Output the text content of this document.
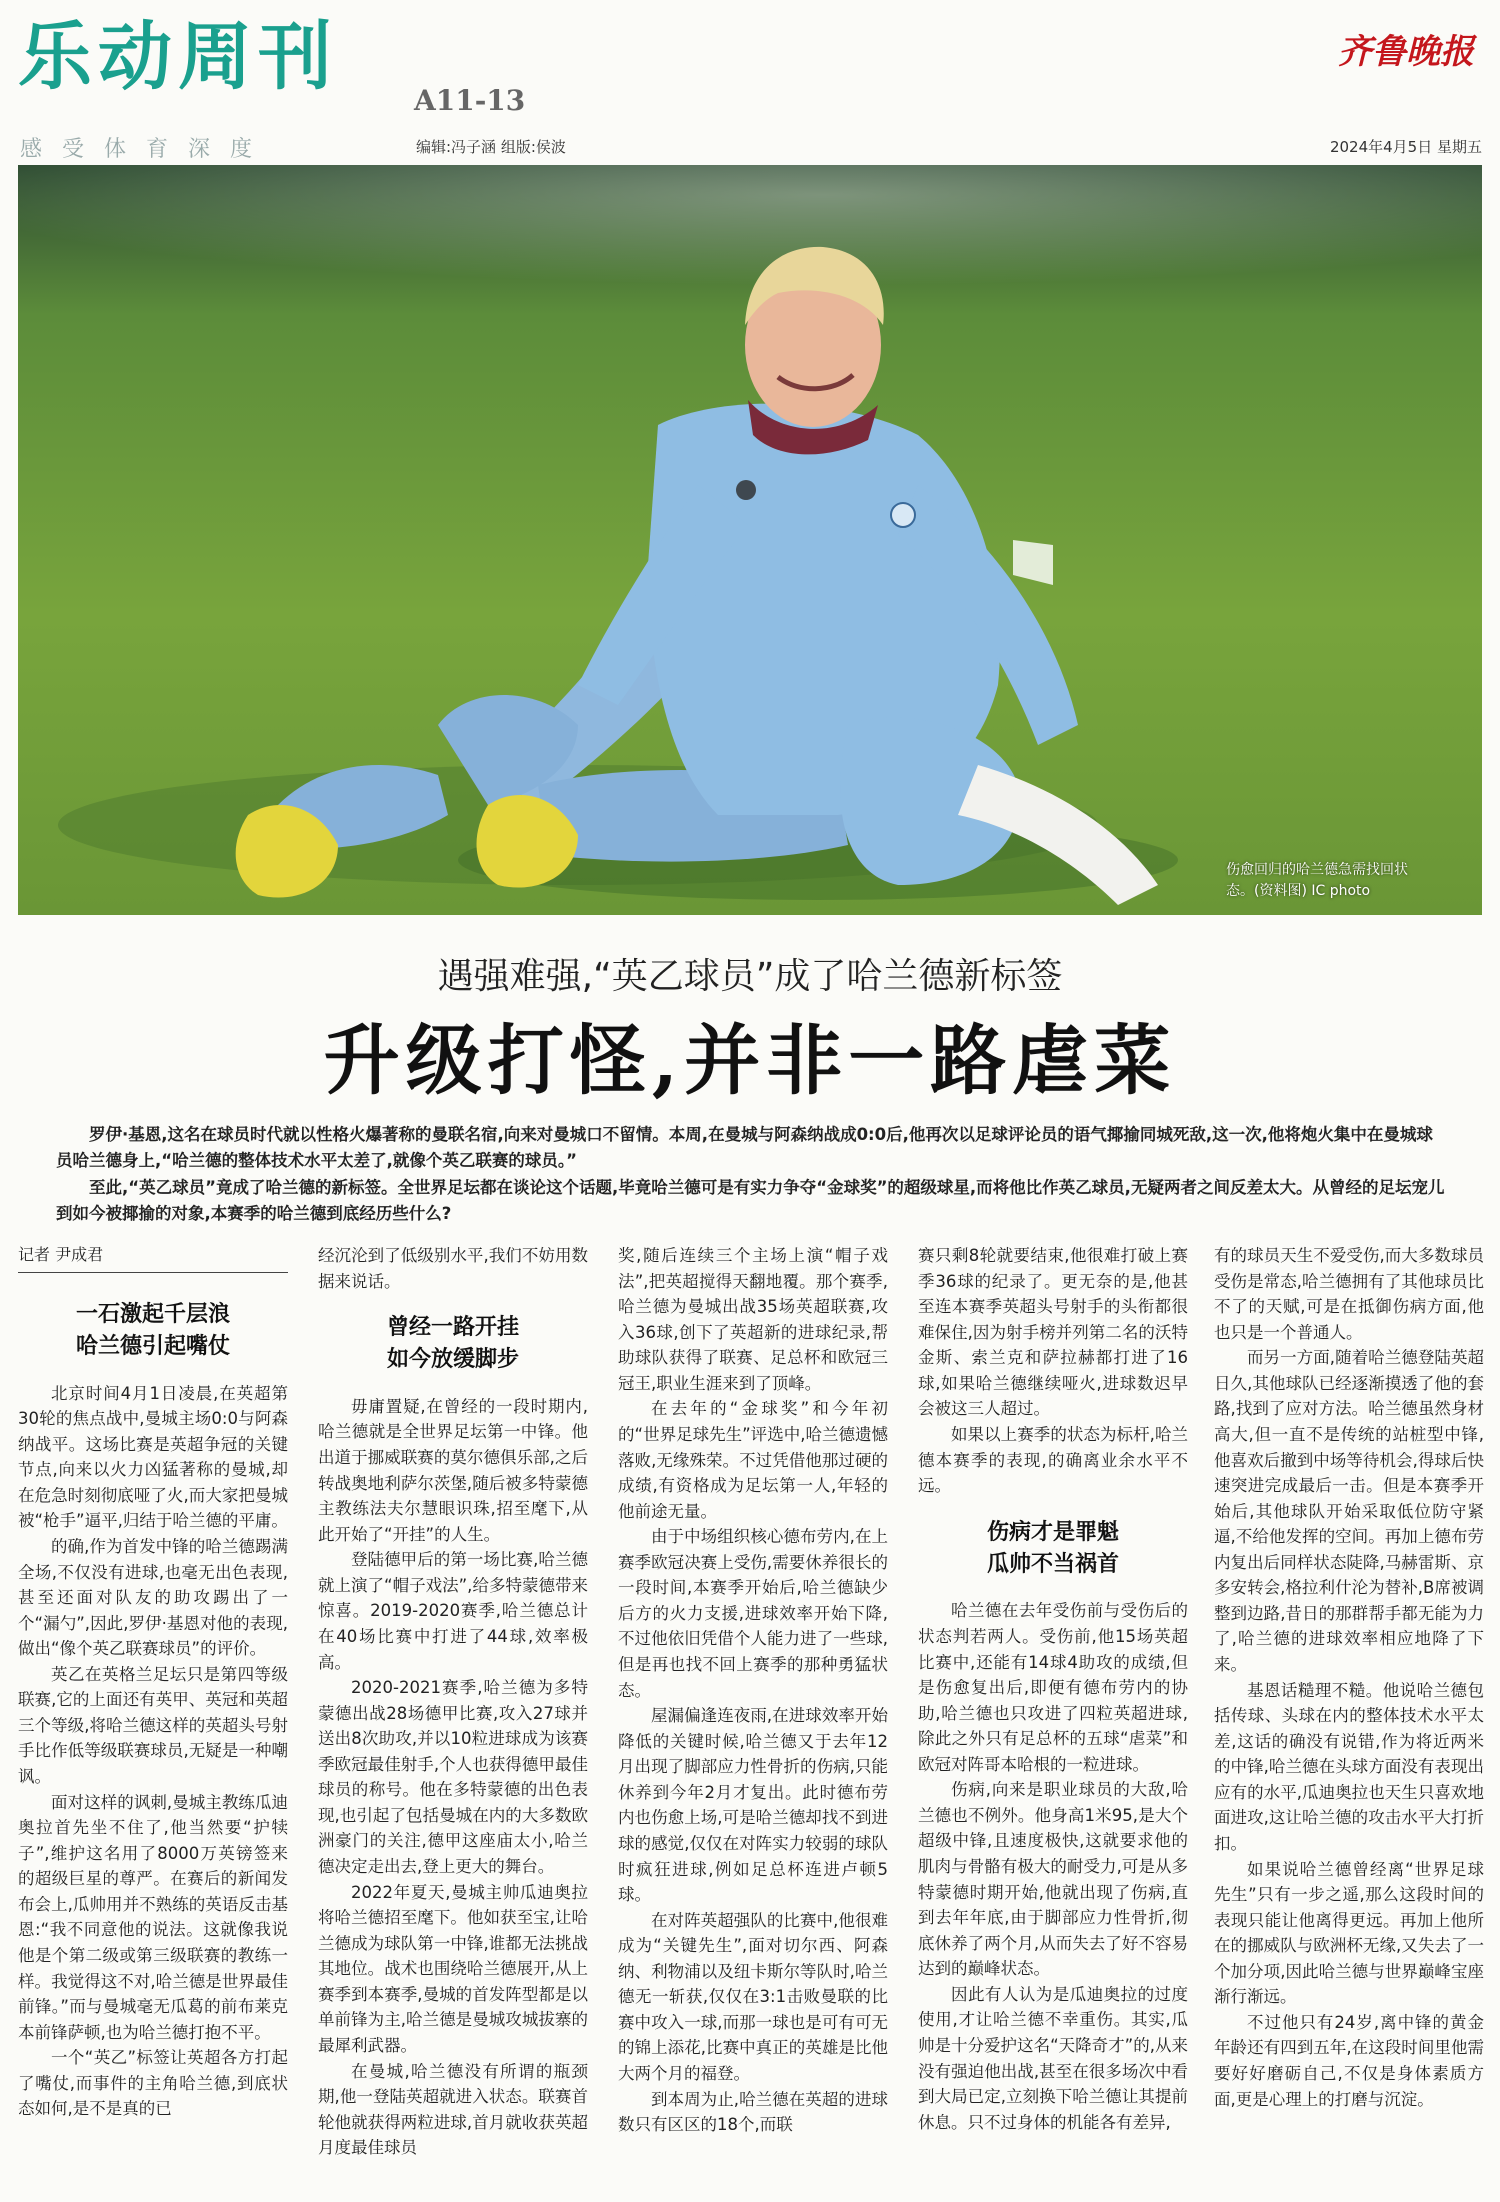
乐动周刊
A11-13
感受体育深度	编辑:冯子涵 组版:侯波
齐鲁晚报
2024年4月5日 星期五
伤愈回归的哈兰德急需找回状态。(资料图) IC photo
遇强难强,“英乙球员”成了哈兰德新标签
升级打怪,并非一路虐菜

罗伊·基恩,这名在球员时代就以性格火爆著称的曼联名宿,向来对曼城口不留情。本周,在曼城与阿森纳战成0:0后,他再次以足球评论员的语气揶揄同城死敌,这一次,他将炮火集中在曼城球员哈兰德身上,“哈兰德的整体技术水平太差了,就像个英乙联赛的球员。”

至此,“英乙球员”竟成了哈兰德的新标签。全世界足坛都在谈论这个话题,毕竟哈兰德可是有实力争夺“金球奖”的超级球星,而将他比作英乙球员,无疑两者之间反差太大。从曾经的足坛宠儿到如今被揶揄的对象,本赛季的哈兰德到底经历些什么?

记者 尹成君
一石激起千层浪
哈兰德引起嘴仗

北京时间4月1日凌晨,在英超第30轮的焦点战中,曼城主场0:0与阿森纳战平。这场比赛是英超争冠的关键节点,向来以火力凶猛著称的曼城,却在危急时刻彻底哑了火,而大家把曼城被“枪手”逼平,归结于哈兰德的平庸。

的确,作为首发中锋的哈兰德踢满全场,不仅没有进球,也毫无出色表现,甚至还面对队友的助攻踢出了一个“漏勺”,因此,罗伊·基恩对他的表现,做出“像个英乙联赛球员”的评价。

英乙在英格兰足坛只是第四等级联赛,它的上面还有英甲、英冠和英超三个等级,将哈兰德这样的英超头号射手比作低等级联赛球员,无疑是一种嘲讽。

面对这样的讽刺,曼城主教练瓜迪奥拉首先坐不住了,他当然要“护犊子”,维护这名用了8000万英镑签来的超级巨星的尊严。在赛后的新闻发布会上,瓜帅用并不熟练的英语反击基恩:“我不同意他的说法。这就像我说他是个第二级或第三级联赛的教练一样。我觉得这不对,哈兰德是世界最佳前锋。”而与曼城毫无瓜葛的前布莱克本前锋萨顿,也为哈兰德打抱不平。

一个“英乙”标签让英超各方打起了嘴仗,而事件的主角哈兰德,到底状态如何,是不是真的已

经沉沦到了低级别水平,我们不妨用数据来说话。

曾经一路开挂
如今放缓脚步

毋庸置疑,在曾经的一段时期内,哈兰德就是全世界足坛第一中锋。他出道于挪威联赛的莫尔德俱乐部,之后转战奥地利萨尔茨堡,随后被多特蒙德主教练法夫尔慧眼识珠,招至麾下,从此开始了“开挂”的人生。

登陆德甲后的第一场比赛,哈兰德就上演了“帽子戏法”,给多特蒙德带来惊喜。2019-2020赛季,哈兰德总计在40场比赛中打进了44球,效率极高。

2020-2021赛季,哈兰德为多特蒙德出战28场德甲比赛,攻入27球并送出8次助攻,并以10粒进球成为该赛季欧冠最佳射手,个人也获得德甲最佳球员的称号。他在多特蒙德的出色表现,也引起了包括曼城在内的大多数欧洲豪门的关注,德甲这座庙太小,哈兰德决定走出去,登上更大的舞台。

2022年夏天,曼城主帅瓜迪奥拉将哈兰德招至麾下。他如获至宝,让哈兰德成为球队第一中锋,谁都无法挑战其地位。战术也围绕哈兰德展开,从上赛季到本赛季,曼城的首发阵型都是以单前锋为主,哈兰德是曼城攻城拔寨的最犀利武器。

在曼城,哈兰德没有所谓的瓶颈期,他一登陆英超就进入状态。联赛首轮他就获得两粒进球,首月就收获英超月度最佳球员

奖,随后连续三个主场上演“帽子戏法”,把英超搅得天翻地覆。那个赛季,哈兰德为曼城出战35场英超联赛,攻入36球,创下了英超新的进球纪录,帮助球队获得了联赛、足总杯和欧冠三冠王,职业生涯来到了顶峰。

在去年的“金球奖”和今年初的“世界足球先生”评选中,哈兰德遗憾落败,无缘殊荣。不过凭借他那过硬的成绩,有资格成为足坛第一人,年轻的他前途无量。

由于中场组织核心德布劳内,在上赛季欧冠决赛上受伤,需要休养很长的一段时间,本赛季开始后,哈兰德缺少后方的火力支援,进球效率开始下降,不过他依旧凭借个人能力进了一些球,但是再也找不回上赛季的那种勇猛状态。

屋漏偏逢连夜雨,在进球效率开始降低的关键时候,哈兰德又于去年12月出现了脚部应力性骨折的伤病,只能休养到今年2月才复出。此时德布劳内也伤愈上场,可是哈兰德却找不到进球的感觉,仅仅在对阵实力较弱的球队时疯狂进球,例如足总杯连进卢顿5球。

在对阵英超强队的比赛中,他很难成为“关键先生”,面对切尔西、阿森纳、利物浦以及纽卡斯尔等队时,哈兰德无一斩获,仅仅在3:1击败曼联的比赛中攻入一球,而那一球也是可有可无的锦上添花,比赛中真正的英雄是比他大两个月的福登。

到本周为止,哈兰德在英超的进球数只有区区的18个,而联

赛只剩8轮就要结束,他很难打破上赛季36球的纪录了。更无奈的是,他甚至连本赛季英超头号射手的头衔都很难保住,因为射手榜并列第二名的沃特金斯、索兰克和萨拉赫都打进了16球,如果哈兰德继续哑火,进球数迟早会被这三人超过。

如果以上赛季的状态为标杆,哈兰德本赛季的表现,的确离业余水平不远。

伤病才是罪魁
瓜帅不当祸首

哈兰德在去年受伤前与受伤后的状态判若两人。受伤前,他15场英超比赛中,还能有14球4助攻的成绩,但是伤愈复出后,即便有德布劳内的协助,哈兰德也只攻进了四粒英超进球,除此之外只有足总杯的五球“虐菜”和欧冠对阵哥本哈根的一粒进球。

伤病,向来是职业球员的大敌,哈兰德也不例外。他身高1米95,是大个超级中锋,且速度极快,这就要求他的肌肉与骨骼有极大的耐受力,可是从多特蒙德时期开始,他就出现了伤病,直到去年年底,由于脚部应力性骨折,彻底休养了两个月,从而失去了好不容易达到的巅峰状态。

因此有人认为是瓜迪奥拉的过度使用,才让哈兰德不幸重伤。其实,瓜帅是十分爱护这名“天降奇才”的,从来没有强迫他出战,甚至在很多场次中看到大局已定,立刻换下哈兰德让其提前休息。只不过身体的机能各有差异,

有的球员天生不爱受伤,而大多数球员受伤是常态,哈兰德拥有了其他球员比不了的天赋,可是在抵御伤病方面,他也只是一个普通人。

而另一方面,随着哈兰德登陆英超日久,其他球队已经逐渐摸透了他的套路,找到了应对方法。哈兰德虽然身材高大,但一直不是传统的站桩型中锋,他喜欢后撤到中场等待机会,得球后快速突进完成最后一击。但是本赛季开始后,其他球队开始采取低位防守紧逼,不给他发挥的空间。再加上德布劳内复出后同样状态陡降,马赫雷斯、京多安转会,格拉利什沦为替补,B席被调整到边路,昔日的那群帮手都无能为力了,哈兰德的进球效率相应地降了下来。

基恩话糙理不糙。他说哈兰德包括传球、头球在内的整体技术水平太差,这话的确没有说错,作为将近两米的中锋,哈兰德在头球方面没有表现出应有的水平,瓜迪奥拉也天生只喜欢地面进攻,这让哈兰德的攻击水平大打折扣。

如果说哈兰德曾经离“世界足球先生”只有一步之遥,那么这段时间的表现只能让他离得更远。再加上他所在的挪威队与欧洲杯无缘,又失去了一个加分项,因此哈兰德与世界巅峰宝座渐行渐远。

不过他只有24岁,离中锋的黄金年龄还有四到五年,在这段时间里他需要好好磨砺自己,不仅是身体素质方面,更是心理上的打磨与沉淀。
